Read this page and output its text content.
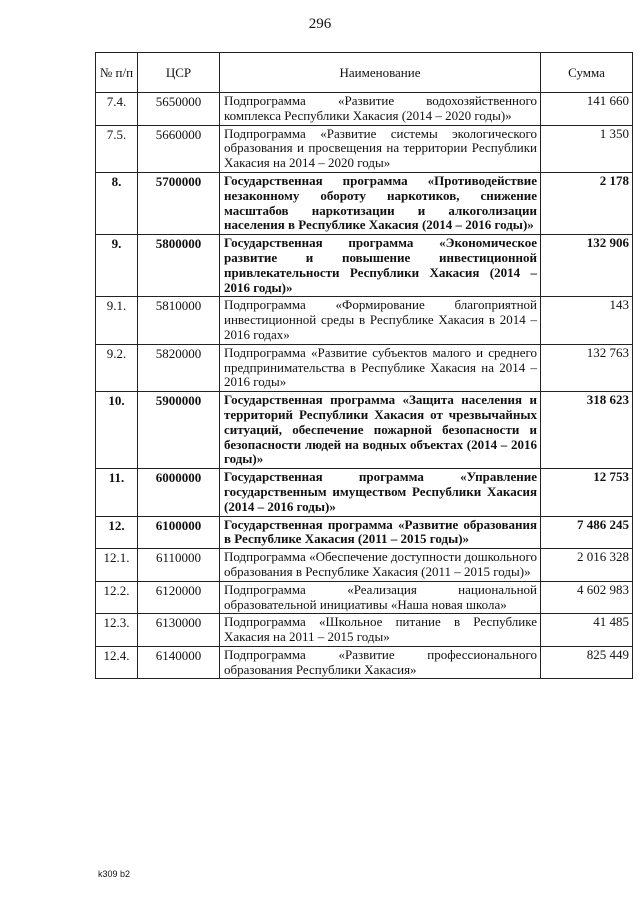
296
№ п/п	ЦСР	Наименование	Сумма
7.4.	5650000	Подпрограмма «Развитие водохозяйственного комплекса Республики Хакасия (2014 – 2020 годы)»	141 660
7.5.	5660000	Подпрограмма «Развитие системы экологического образования и просвещения на территории Республики Хакасия на 2014 – 2020 годы»	1 350
8.	5700000	Государственная программа «Противодействие незаконному обороту наркотиков, снижение масштабов наркотизации и алкоголизации населения в Республике Хакасия (2014 – 2016 годы)»	2 178
9.	5800000	Государственная программа «Экономическое развитие и повышение инвестиционной привлекательности Республики Хакасия (2014 – 2016 годы)»	132 906
9.1.	5810000	Подпрограмма «Формирование благоприятной инвестиционной среды в Республике Хакасия в 2014 – 2016 годах»	143
9.2.	5820000	Подпрограмма «Развитие субъектов малого и среднего предпринимательства в Республике Хакасия на 2014 – 2016 годы»	132 763
10.	5900000	Государственная программа «Защита населения и территорий Республики Хакасия от чрезвычайных ситуаций, обеспечение пожарной безопасности и безопасности людей на водных объектах (2014 – 2016 годы)»	318 623
11.	6000000	Государственная программа «Управление государственным имуществом Республики Хакасия (2014 – 2016 годы)»	12 753
12.	6100000	Государственная программа «Развитие образования в Республике Хакасия (2011 – 2015 годы)»	7 486 245
12.1.	6110000	Подпрограмма «Обеспечение доступности дошкольного образования в Республике Хакасия (2011 – 2015 годы)»	2 016 328
12.2.	6120000	Подпрограмма «Реализация национальной образовательной инициативы «Наша новая школа»	4 602 983
12.3.	6130000	Подпрограмма «Школьное питание в Республике Хакасия на 2011 – 2015 годы»	41 485
12.4.	6140000	Подпрограмма «Развитие профессионального образования Республики Хакасия»	825 449
k309 b2
